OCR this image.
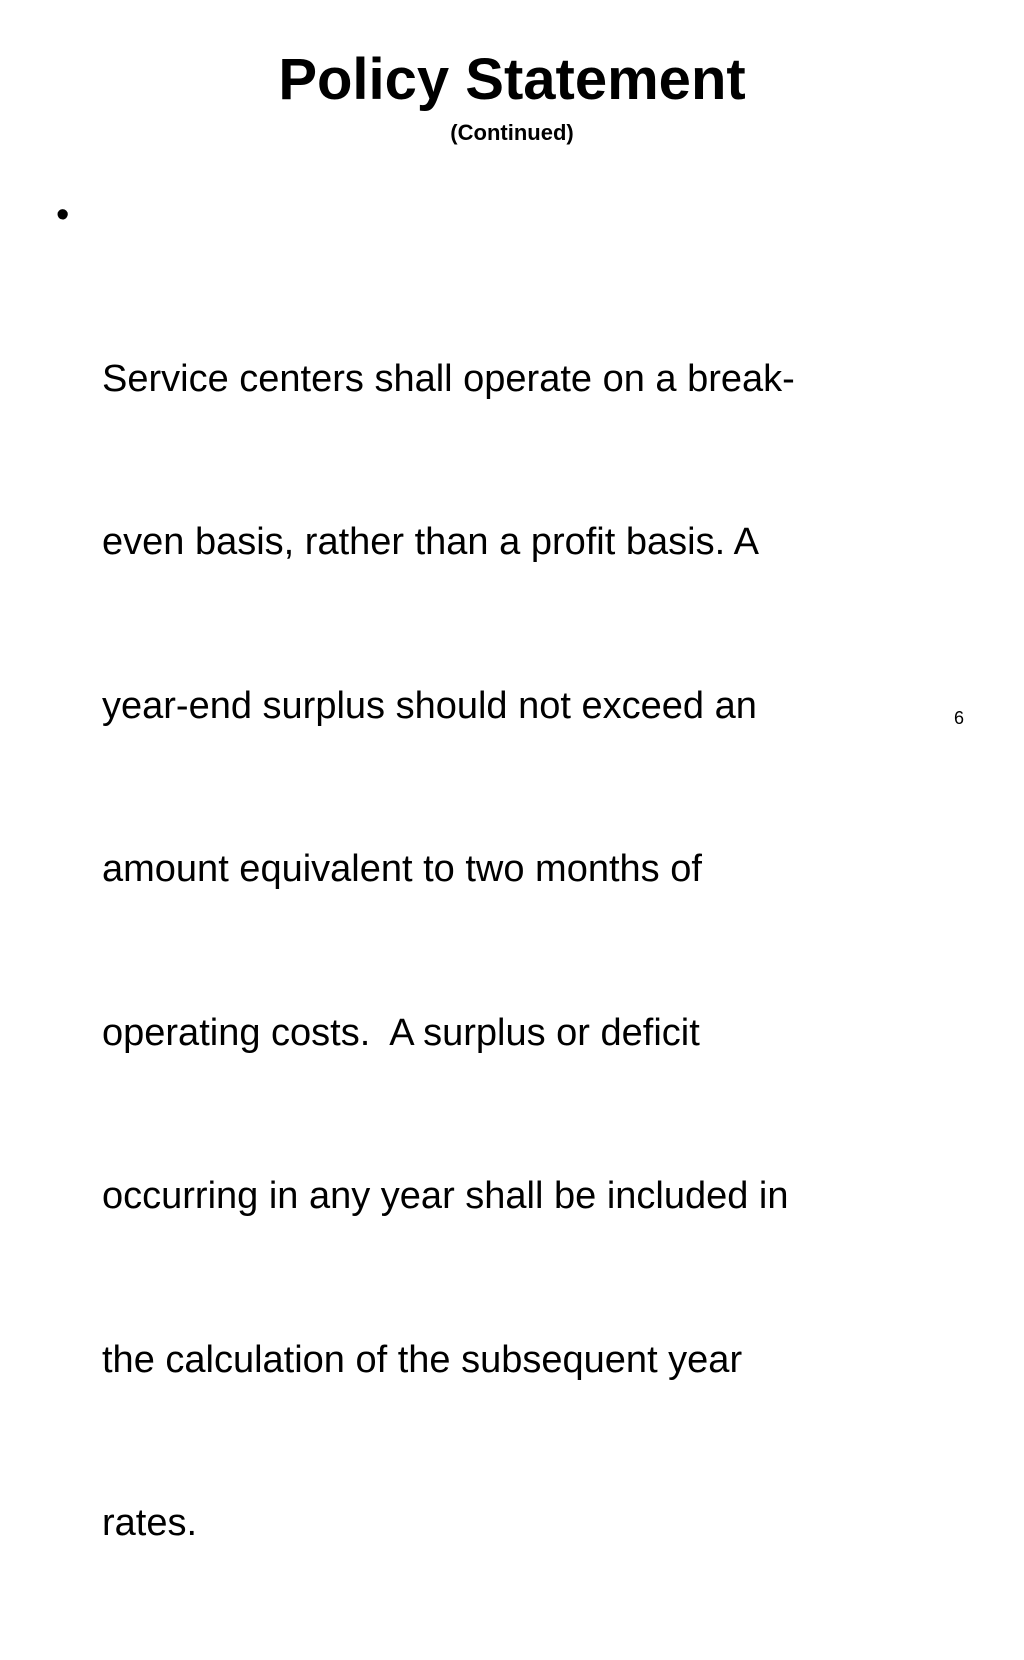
Policy Statement
(Continued)

•

Service centers shall operate on a break-

even basis, rather than a profit basis. A

year-end surplus should not exceed an

amount equivalent to two months of

operating costs.  A surplus or deficit

occurring in any year shall be included in

the calculation of the subsequent year

rates.

6
